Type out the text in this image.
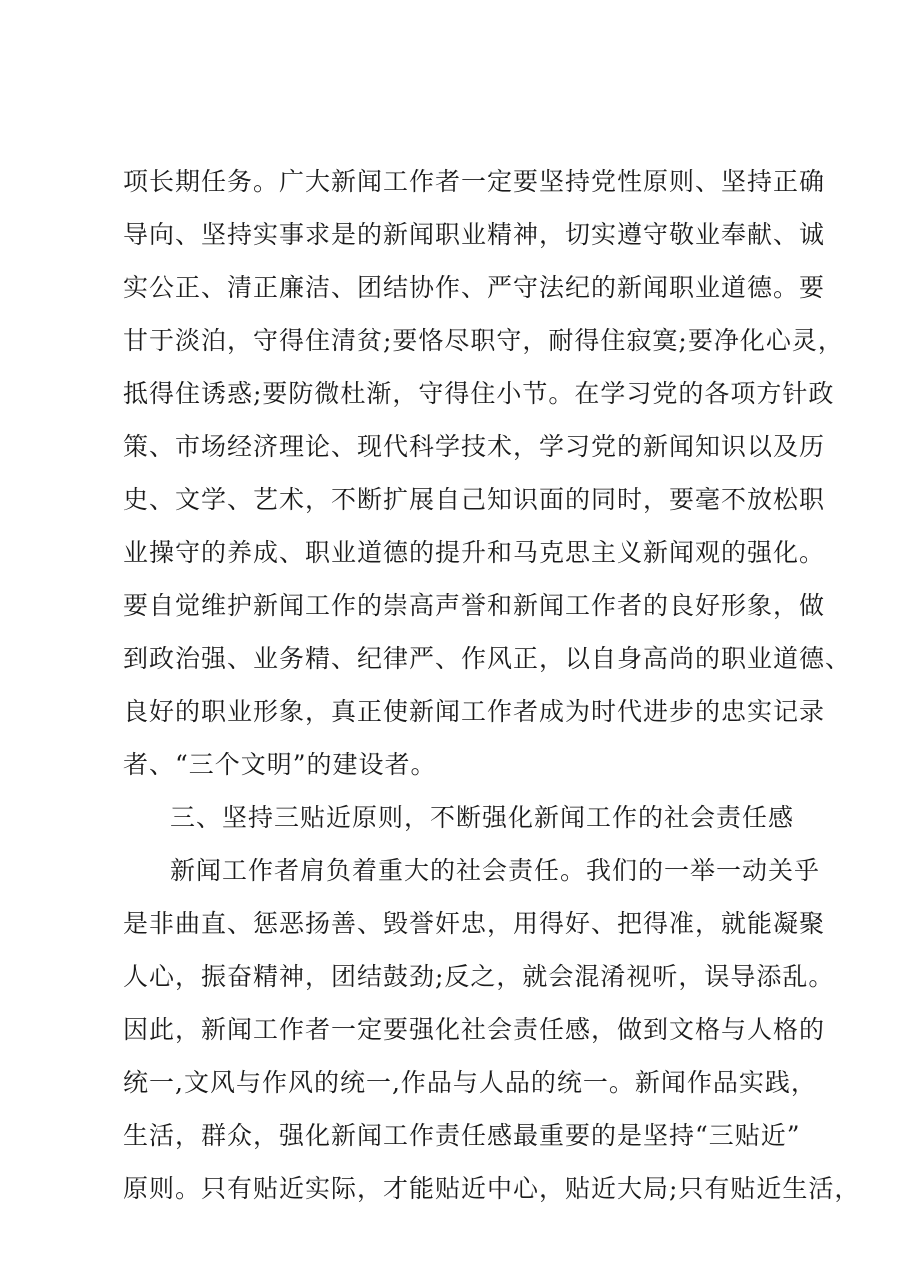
项长期任务。广大新闻工作者一定要坚持党性原则、坚持正确
导向、坚持实事求是的新闻职业精神，切实遵守敬业奉献、诚
实公正、清正廉洁、团结协作、严守法纪的新闻职业道德。要
甘于淡泊，守得住清贫;要恪尽职守，耐得住寂寞;要净化心灵，
抵得住诱惑;要防微杜渐，守得住小节。在学习党的各项方针政
策、市场经济理论、现代科学技术，学习党的新闻知识以及历
史、文学、艺术，不断扩展自己知识面的同时，要毫不放松职
业操守的养成、职业道德的提升和马克思主义新闻观的强化。
要自觉维护新闻工作的崇高声誉和新闻工作者的良好形象，做
到政治强、业务精、纪律严、作风正，以自身高尚的职业道德、
良好的职业形象，真正使新闻工作者成为时代进步的忠实记录
者、“三个文明”的建设者。
三、坚持三贴近原则，不断强化新闻工作的社会责任感
新闻工作者肩负着重大的社会责任。我们的一举一动关乎
是非曲直、惩恶扬善、毁誉奸忠，用得好、把得准，就能凝聚
人心，振奋精神，团结鼓劲;反之，就会混淆视听，误导添乱。
因此，新闻工作者一定要强化社会责任感，做到文格与人格的
统一,文风与作风的统一,作品与人品的统一。新闻作品实践，
生活，群众，强化新闻工作责任感最重要的是坚持“三贴近”
原则。只有贴近实际，才能贴近中心，贴近大局;只有贴近生活，
